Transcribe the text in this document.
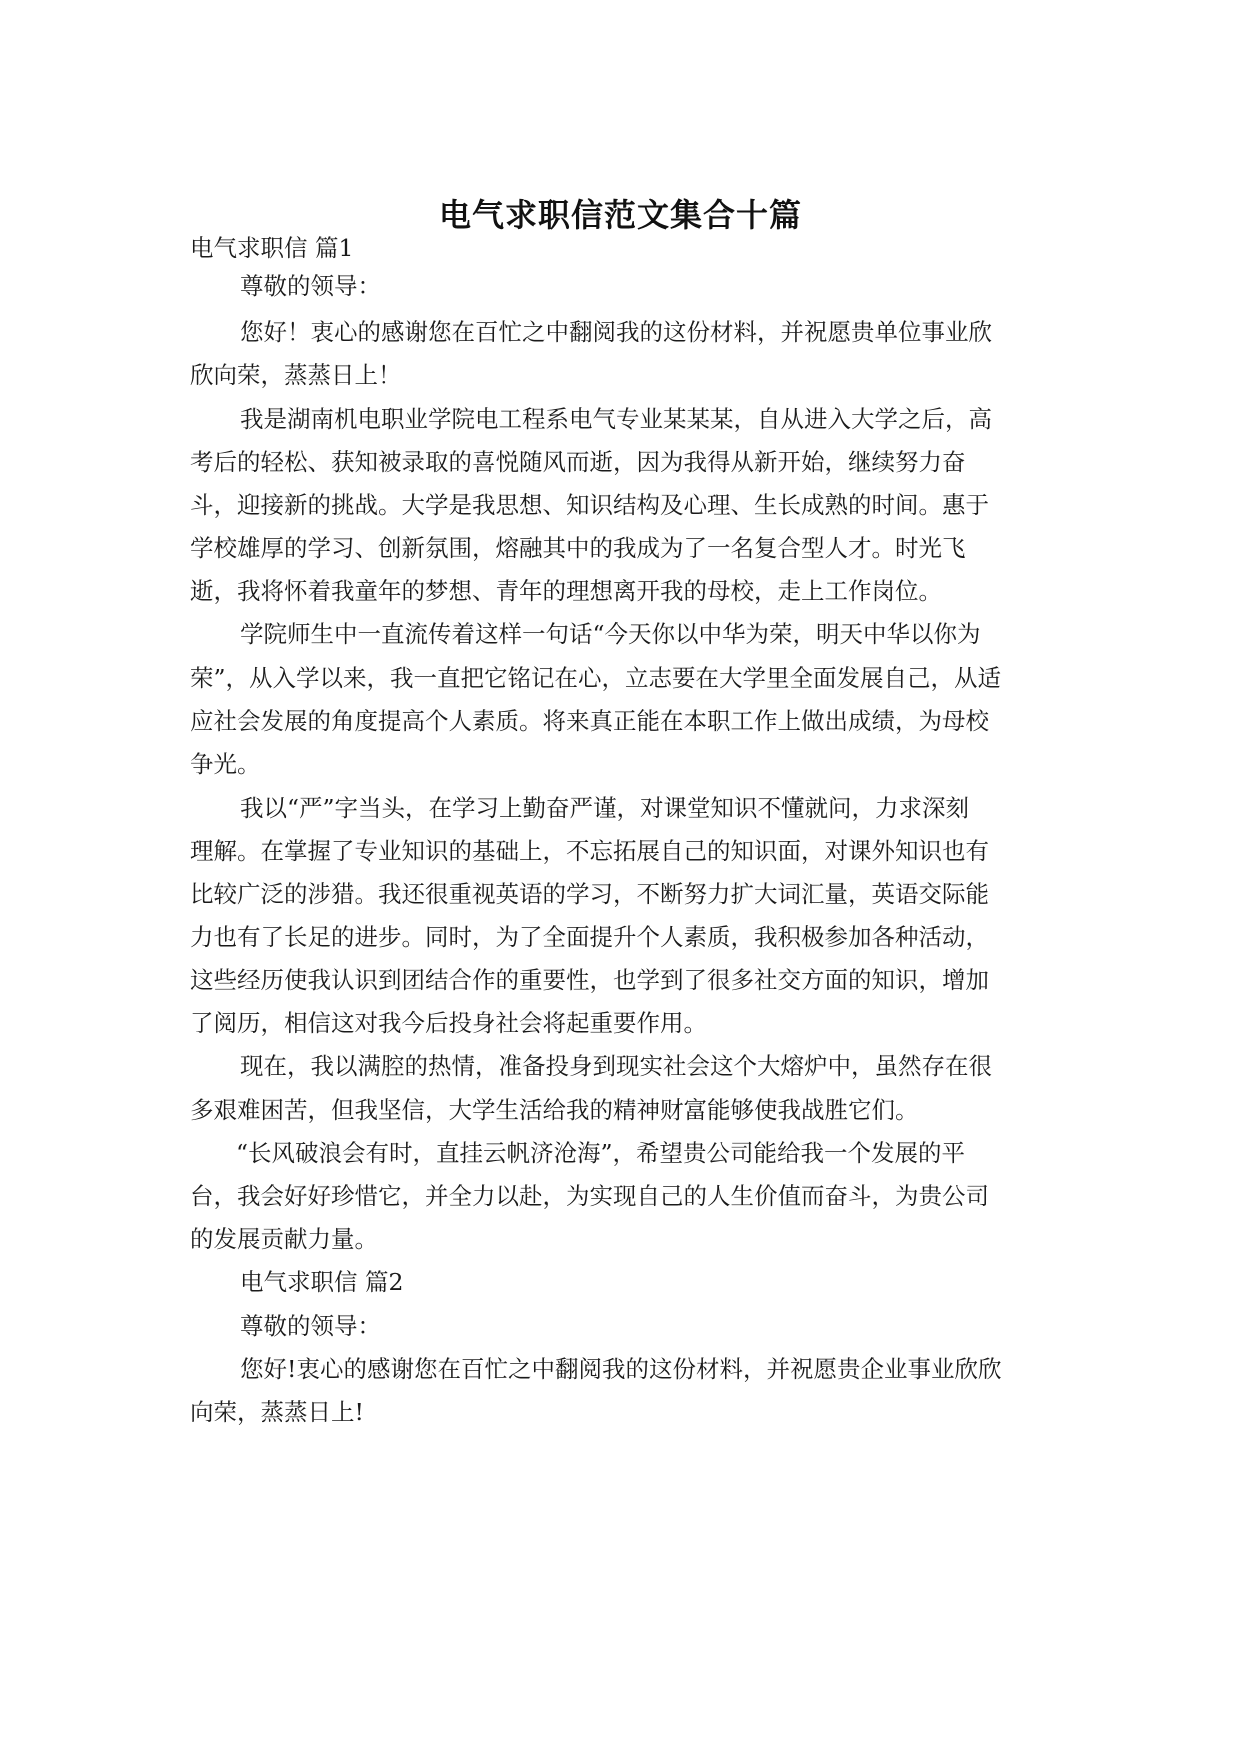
电气求职信范文集合十篇
电气求职信 篇1
尊敬的领导：
您好！衷心的感谢您在百忙之中翻阅我的这份材料，并祝愿贵单位事业欣
欣向荣，蒸蒸日上！
我是湖南机电职业学院电工程系电气专业某某某，自从进入大学之后，高
考后的轻松、获知被录取的喜悦随风而逝，因为我得从新开始，继续努力奋
斗，迎接新的挑战。大学是我思想、知识结构及心理、生长成熟的时间。惠于
学校雄厚的学习、创新氛围，熔融其中的我成为了一名复合型人才。时光飞
逝，我将怀着我童年的梦想、青年的理想离开我的母校，走上工作岗位。
学院师生中一直流传着这样一句话“今天你以中华为荣，明天中华以你为
荣”，从入学以来，我一直把它铭记在心，立志要在大学里全面发展自己，从适
应社会发展的角度提高个人素质。将来真正能在本职工作上做出成绩，为母校
争光。
我以“严”字当头，在学习上勤奋严谨，对课堂知识不懂就问，力求深刻
理解。在掌握了专业知识的基础上，不忘拓展自己的知识面，对课外知识也有
比较广泛的涉猎。我还很重视英语的学习，不断努力扩大词汇量，英语交际能
力也有了长足的进步。同时，为了全面提升个人素质，我积极参加各种活动，
这些经历使我认识到团结合作的重要性，也学到了很多社交方面的知识，增加
了阅历，相信这对我今后投身社会将起重要作用。
现在，我以满腔的热情，准备投身到现实社会这个大熔炉中，虽然存在很
多艰难困苦，但我坚信，大学生活给我的精神财富能够使我战胜它们。
“长风破浪会有时，直挂云帆济沧海”，希望贵公司能给我一个发展的平
台，我会好好珍惜它，并全力以赴，为实现自己的人生价值而奋斗，为贵公司
的发展贡献力量。
电气求职信 篇2
尊敬的领导：
您好!衷心的感谢您在百忙之中翻阅我的这份材料，并祝愿贵企业事业欣欣
向荣，蒸蒸日上!
